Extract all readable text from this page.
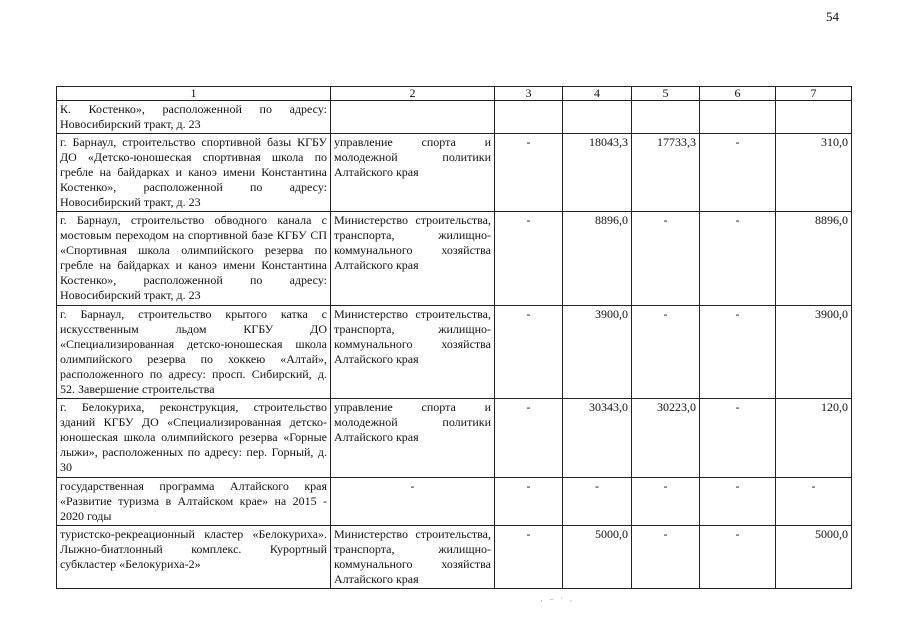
54
1	2	3	4	5	6	7
К. Костенко», расположенной по адресу: Новосибирский тракт, д. 23						
г. Барнаул, строительство спортивной базы КГБУ ДО «Детско-юношеская спортивная школа по гребле на байдарках и каноэ имени Константина Костенко», расположенной по адресу: Новосибирский тракт, д. 23	управление спорта и молодежной политики Алтайского края	-	18043,3	17733,3	-	310,0
г. Барнаул, строительство обводного канала с мостовым переходом на спортивной базе КГБУ СП «Спортивная школа олимпийского резерва по гребле на байдарках и каноэ имени Константина Костенко», расположенной по адресу: Новосибирский тракт, д. 23	Министерство строительства, транспорта, жилищно-коммунального хозяйства Алтайского края	-	8896,0	-	-	8896,0
г. Барнаул, строительство крытого катка с искусственным льдом КГБУ ДО «Специализированная детско-юношеская школа олимпийского резерва по хоккею «Алтай», расположенного по адресу: просп. Сибирский, д. 52. Завершение строительства	Министерство строительства, транспорта, жилищно-коммунального хозяйства Алтайского края	-	3900,0	-	-	3900,0
г. Белокуриха, реконструкция, строительство зданий КГБУ ДО «Специализированная детско-юношеская школа олимпийского резерва «Горные лыжи», расположенных по адресу: пер. Горный, д. 30	управление спорта и молодежной политики Алтайского края	-	30343,0	30223,0	-	120,0
государственная программа Алтайского края «Развитие туризма в Алтайском крае» на 2015 - 2020 годы	-	-	-	-	-	-
туристско-рекреационный кластер «Белокуриха». Лыжно-биатлонный комплекс. Курортный субкластер «Белокуриха-2»	Министерство строительства, транспорта, жилищно-коммунального хозяйства Алтайского края	-	5000,0	-	-	5000,0
· ⁻ ˙ ·
